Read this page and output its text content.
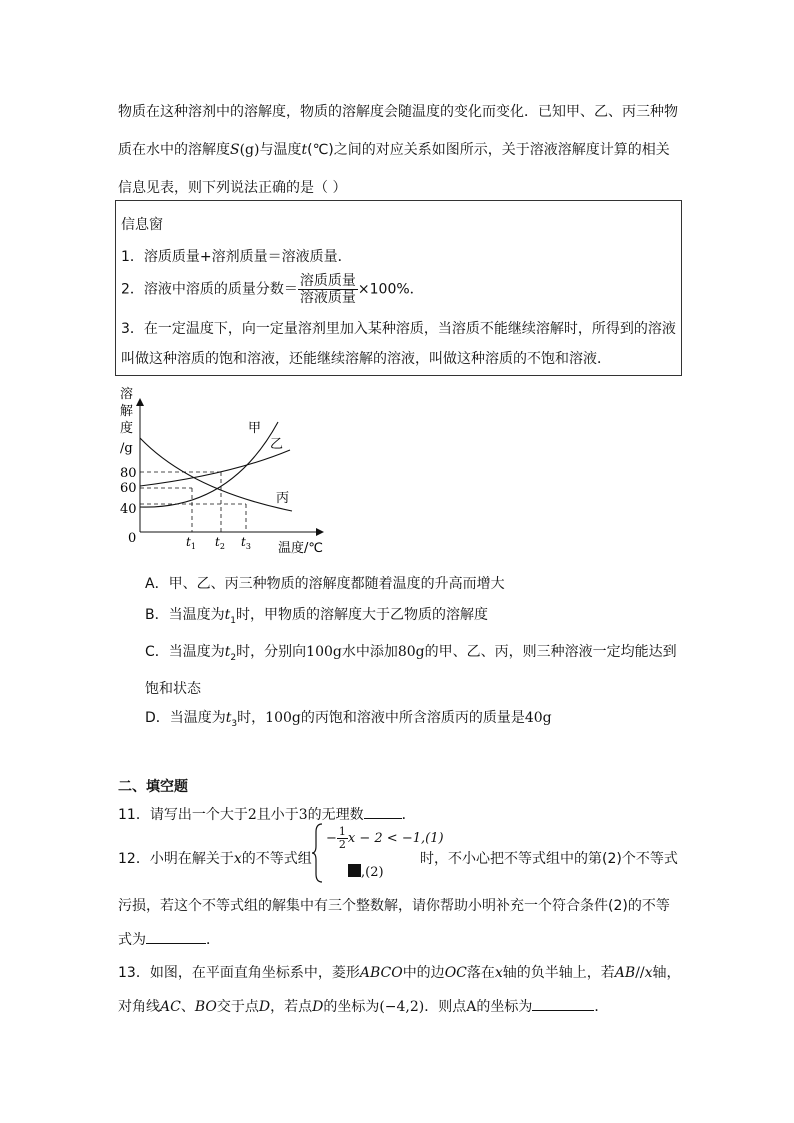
物质在这种溶剂中的溶解度，物质的溶解度会随温度的变化而变化．已知甲、乙、丙三种物
质在水中的溶解度S(g)与温度t(℃)之间的对应关系如图所示，关于溶液溶解度计算的相关
信息见表，则下列说法正确的是（ ）
信息窗
1．溶质质量+溶剂质量＝溶液质量．
2．溶液中溶质的质量分数＝ $\frac{\text{溶质质量}}{\text{溶液质量}} \times 100\%$．
3．在一定温度下，向一定量溶剂里加入某种溶质，当溶质不能继续溶解时，所得到的溶液
叫做这种溶质的饱和溶液，还能继续溶解的溶液，叫做这种溶质的不饱和溶液．
溶
解
度
/g
80
60
40
0
甲
乙
丙
$t_1$ $t_2$ $t_3$ 温度/℃
A．甲、乙、丙三种物质的溶解度都随着温度的升高而增大
B．当温度为$t_1$时，甲物质的溶解度大于乙物质的溶解度
C．当温度为$t_2$时，分别向100g水中添加80g的甲、乙、丙，则三种溶液一定均能达到
饱和状态
D．当温度为$t_3$时，100g的丙饱和溶液中所含溶质丙的质量是40g
二、填空题
11．请写出一个大于2且小于3的无理数	．
12．小明在解关于x的不等式组
− $\frac{1}{2}$ x − 2 < −1,(1)
,(2)
时，不小心把不等式组中的第(2)个不等式
污损，若这个不等式组的解集中有三个整数解，请你帮助小明补充一个符合条件(2)的不等
式为	．
13．如图，在平面直角坐标系中，菱形ABCO中的边OC落在x轴的负半轴上，若AB//x轴，
对角线AC、BO交于点D，若点D的坐标为(−4,2)．则点A的坐标为	．
